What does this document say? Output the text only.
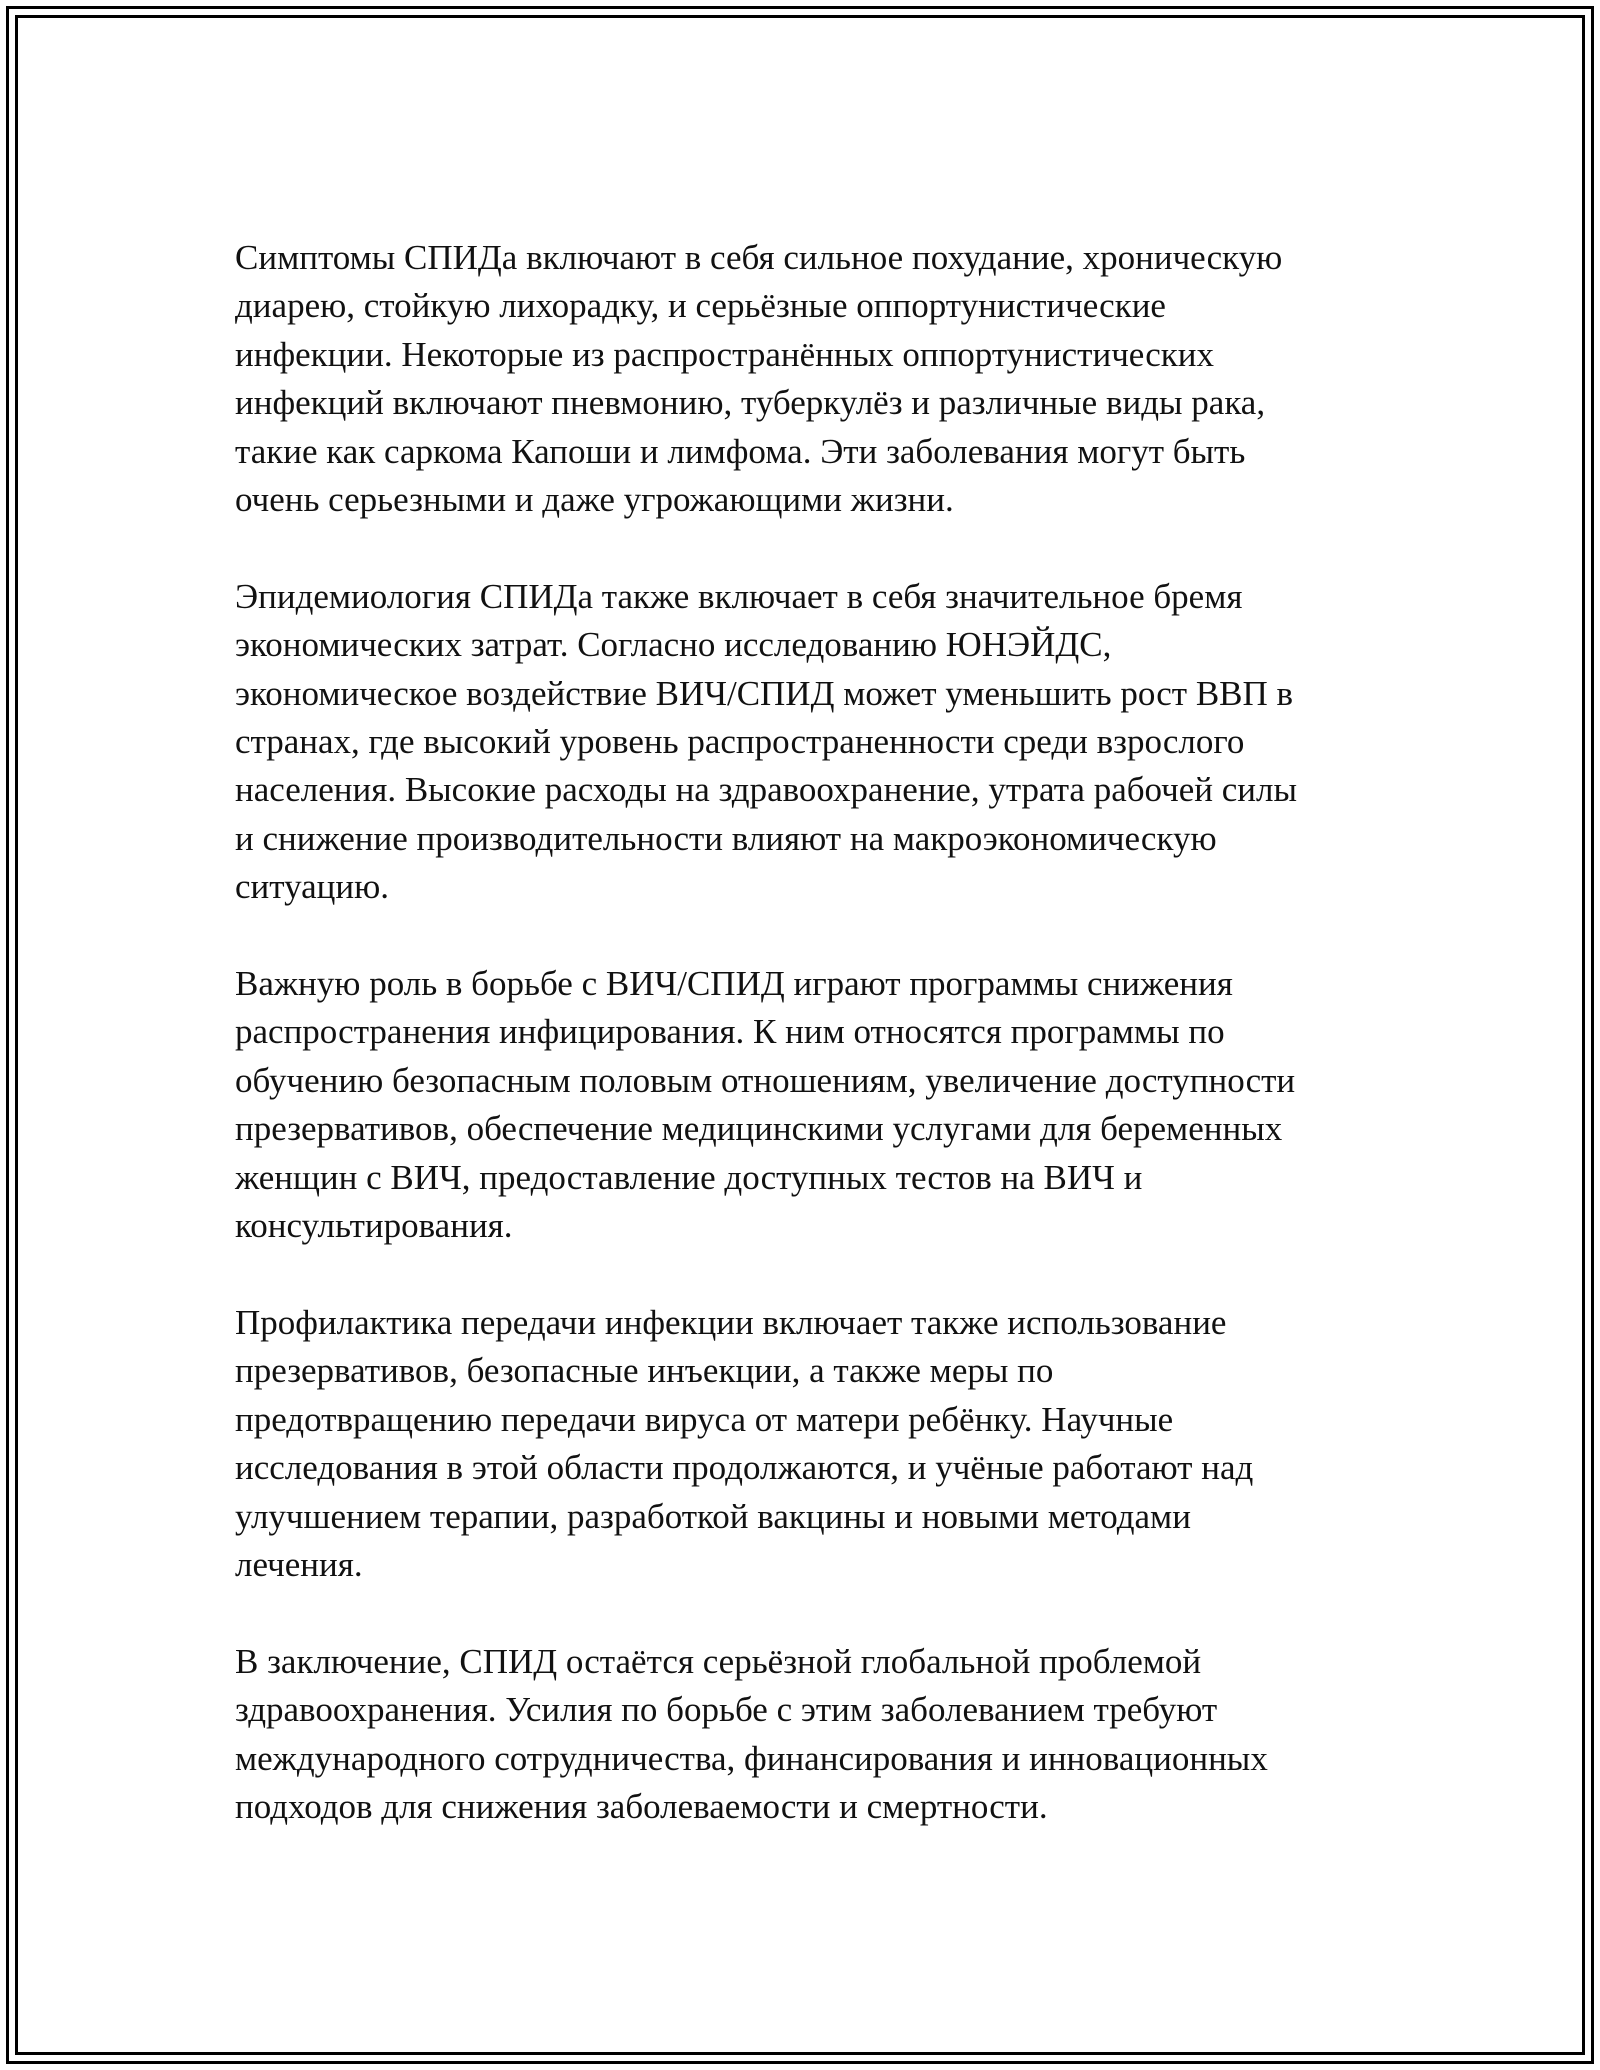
Симптомы СПИДа включают в себя сильное похудание, хроническую
диарею, стойкую лихорадку, и серьёзные оппортунистические
инфекции. Некоторые из распространённых оппортунистических
инфекций включают пневмонию, туберкулёз и различные виды рака,
такие как саркома Капоши и лимфома. Эти заболевания могут быть
очень серьезными и даже угрожающими жизни.

Эпидемиология СПИДа также включает в себя значительное бремя
экономических затрат. Согласно исследованию ЮНЭЙДС,
экономическое воздействие ВИЧ/СПИД может уменьшить рост ВВП в
странах, где высокий уровень распространенности среди взрослого
населения. Высокие расходы на здравоохранение, утрата рабочей силы
и снижение производительности влияют на макроэкономическую
ситуацию.

Важную роль в борьбе с ВИЧ/СПИД играют программы снижения
распространения инфицирования. К ним относятся программы по
обучению безопасным половым отношениям, увеличение доступности
презервативов, обеспечение медицинскими услугами для беременных
женщин с ВИЧ, предоставление доступных тестов на ВИЧ и
консультирования.

Профилактика передачи инфекции включает также использование
презервативов, безопасные инъекции, а также меры по
предотвращению передачи вируса от матери ребёнку. Научные
исследования в этой области продолжаются, и учёные работают над
улучшением терапии, разработкой вакцины и новыми методами
лечения.

В заключение, СПИД остаётся серьёзной глобальной проблемой
здравоохранения. Усилия по борьбе с этим заболеванием требуют
международного сотрудничества, финансирования и инновационных
подходов для снижения заболеваемости и смертности.
